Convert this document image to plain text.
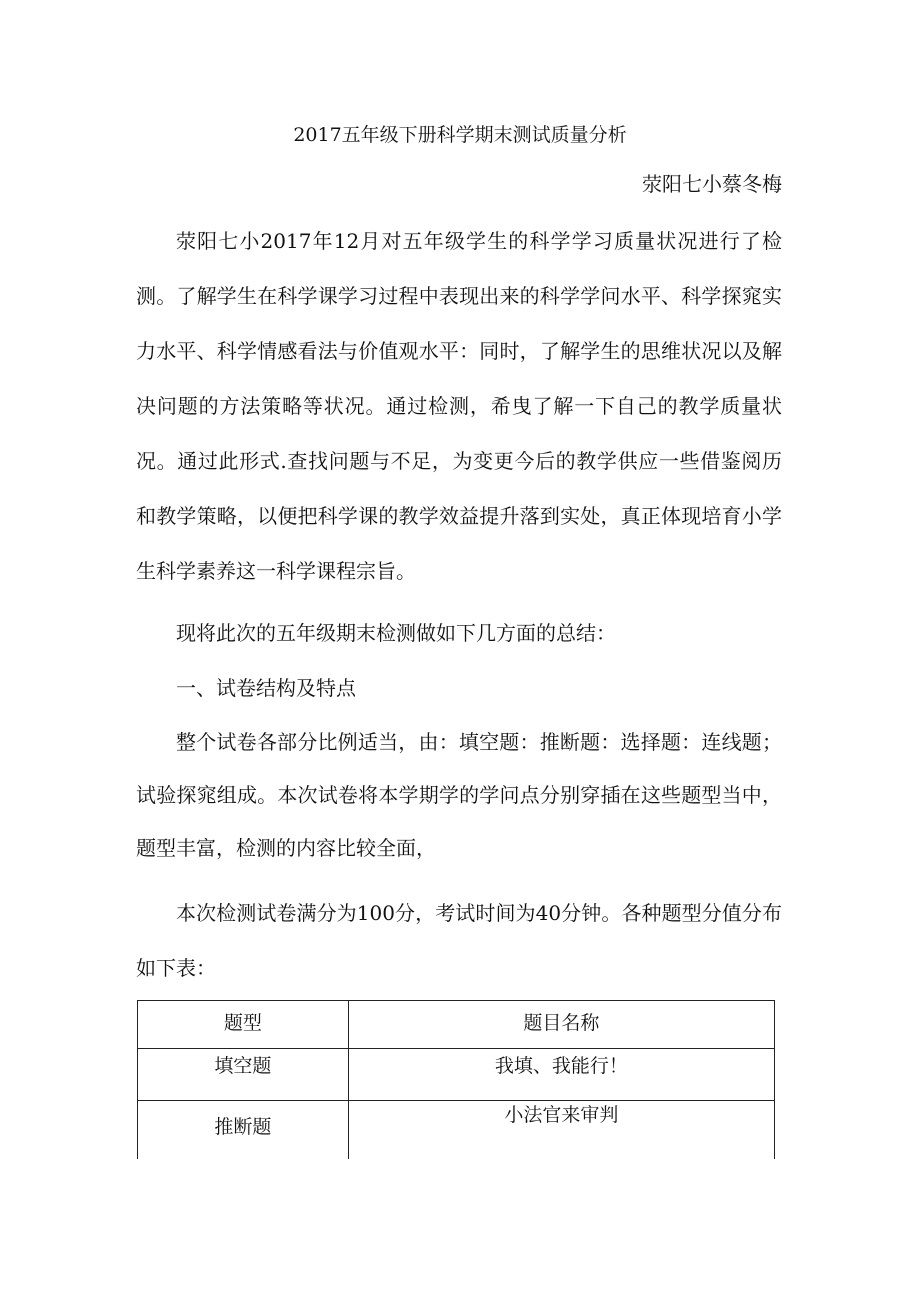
2017五年级下册科学期末测试质量分析
荥阳七小蔡冬梅

荥阳七小2017年12月对五年级学生的科学学习质量状况进行了检测。了解学生在科学课学习过程中表现出来的科学学问水平、科学探窕实力水平、科学情感看法与价值观水平：同时，了解学生的思维状况以及解决问题的方法策略等状况。通过检测，希曳了解一下自己的教学质量状况。通过此形式.查找问题与不足，为变更今后的教学供应一些借鉴阅历和教学策略，以便把科学课的教学效益提升落到实处，真正体现培育小学生科学素养这一科学课程宗旨。

现将此次的五年级期末检测做如下几方面的总结：

一、试卷结构及特点

整个试卷各部分比例适当，由：填空题：推断题：选择题：连线题；试验探窕组成。本次试卷将本学期学的学问点分别穿插在这些题型当中，题型丰富，检测的内容比较全面，

本次检测试卷满分为100分，考试时间为40分钟。各种题型分值分布如下表：

题型	题目名称
填空题	我填、我能行！
推断题	小法官来审判
